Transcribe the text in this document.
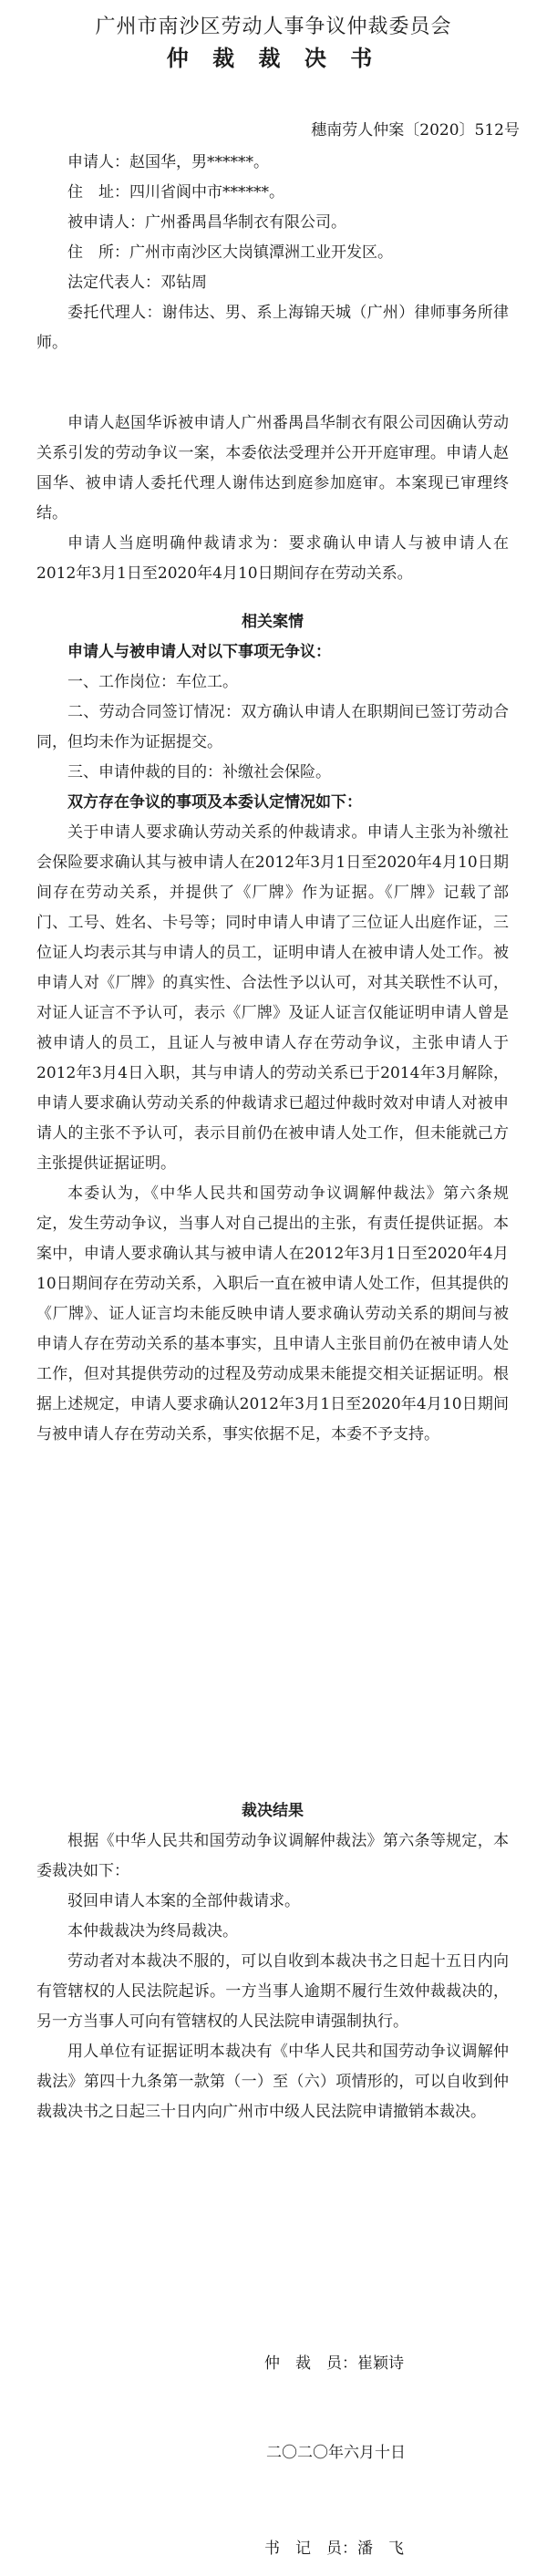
广州市南沙区劳动人事争议仲裁委员会
仲 裁 裁 决 书
穗南劳人仲案〔2020〕512号

申请人：赵国华，男******。

住　址：四川省阆中市******。

被申请人：广州番禺昌华制衣有限公司。

住　所：广州市南沙区大岗镇潭洲工业开发区。

法定代表人：邓钻周

委托代理人：谢伟达、男、系上海锦天城（广州）律师事务所律师。

申请人赵国华诉被申请人广州番禺昌华制衣有限公司因确认劳动关系引发的劳动争议一案，本委依法受理并公开开庭审理。申请人赵国华、被申请人委托代理人谢伟达到庭参加庭审。本案现已审理终结。

申请人当庭明确仲裁请求为：要求确认申请人与被申请人在2012年3月1日至2020年4月10日期间存在劳动关系。

相关案情

申请人与被申请人对以下事项无争议：

一、工作岗位：车位工。

二、劳动合同签订情况：双方确认申请人在职期间已签订劳动合同，但均未作为证据提交。

三、申请仲裁的目的：补缴社会保险。

双方存在争议的事项及本委认定情况如下：

关于申请人要求确认劳动关系的仲裁请求。申请人主张为补缴社会保险要求确认其与被申请人在2012年3月1日至2020年4月10日期间存在劳动关系，并提供了《厂牌》作为证据。《厂牌》记载了部门、工号、姓名、卡号等；同时申请人申请了三位证人出庭作证，三位证人均表示其与申请人的员工，证明申请人在被申请人处工作。被申请人对《厂牌》的真实性、合法性予以认可，对其关联性不认可，对证人证言不予认可，表示《厂牌》及证人证言仅能证明申请人曾是被申请人的员工，且证人与被申请人存在劳动争议，主张申请人于2012年3月4日入职，其与申请人的劳动关系已于2014年3月解除，申请人要求确认劳动关系的仲裁请求已超过仲裁时效对申请人对被申请人的主张不予认可，表示目前仍在被申请人处工作，但未能就己方主张提供证据证明。

本委认为，《中华人民共和国劳动争议调解仲裁法》第六条规定，发生劳动争议，当事人对自己提出的主张，有责任提供证据。本案中，申请人要求确认其与被申请人在2012年3月1日至2020年4月10日期间存在劳动关系，入职后一直在被申请人处工作，但其提供的《厂牌》、证人证言均未能反映申请人要求确认劳动关系的期间与被申请人存在劳动关系的基本事实，且申请人主张目前仍在被申请人处工作，但对其提供劳动的过程及劳动成果未能提交相关证据证明。根据上述规定，申请人要求确认2012年3月1日至2020年4月10日期间与被申请人存在劳动关系，事实依据不足，本委不予支持。

裁决结果

根据《中华人民共和国劳动争议调解仲裁法》第六条等规定，本委裁决如下：

驳回申请人本案的全部仲裁请求。

本仲裁裁决为终局裁决。

劳动者对本裁决不服的，可以自收到本裁决书之日起十五日内向有管辖权的人民法院起诉。一方当事人逾期不履行生效仲裁裁决的，另一方当事人可向有管辖权的人民法院申请强制执行。

用人单位有证据证明本裁决有《中华人民共和国劳动争议调解仲裁法》第四十九条第一款第（一）至（六）项情形的，可以自收到仲裁裁决书之日起三十日内向广州市中级人民法院申请撤销本裁决。

仲　裁　员：崔颖诗
二〇二〇年六月十日
书　记　员：潘　飞
